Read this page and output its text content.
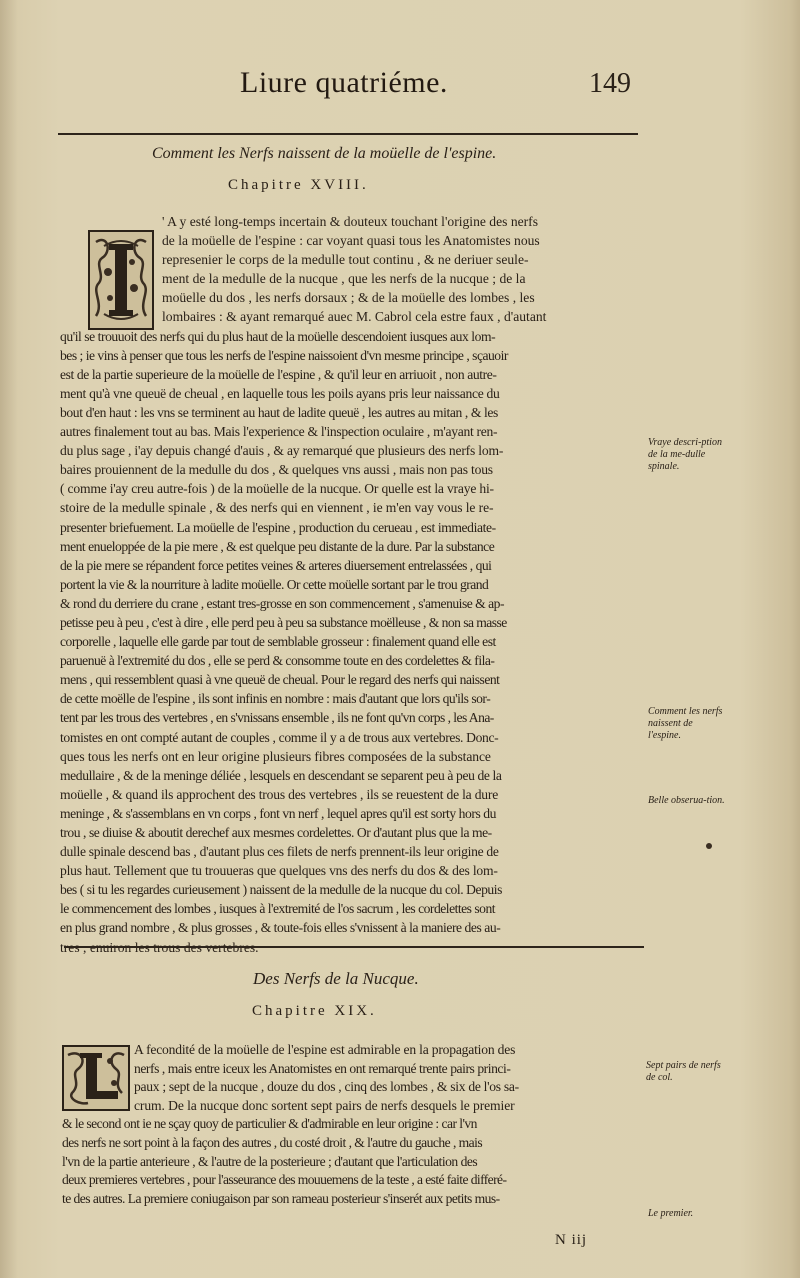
Liure quatriéme.	149
Comment les Nerfs naissent de la moüelle de l'espine.
Chapitre XVIII.
' A y esté long-temps incertain & douteux touchant l'origine des nerfs
de la moüelle de l'espine : car voyant quasi tous les Anatomistes nous
represenier le corps de la medulle tout continu , & ne deriuer seule-
ment de la medulle de la nucque , que les nerfs de la nucque ; de la
moüelle du dos , les nerfs dorsaux ; & de la moüelle des lombes , les
lombaires : & ayant remarqué auec M. Cabrol cela estre faux , d'autant
qu'il se trouuoit des nerfs qui du plus haut de la moüelle descendoient iusques aux lom-
bes ; ie vins à penser que tous les nerfs de l'espine naissoient d'vn mesme principe , sçauoir
est de la partie superieure de la moüelle de l'espine , & qu'il leur en arriuoit , non autre-
ment qu'à vne queuë de cheual , en laquelle tous les poils ayans pris leur naissance du
bout d'en haut : les vns se terminent au haut de ladite queuë , les autres au mitan , & les
autres finalement tout au bas. Mais l'experience & l'inspection oculaire , m'ayant ren-
du plus sage , i'ay depuis changé d'auis , & ay remarqué que plusieurs des nerfs lom-
baires prouiennent de la medulle du dos , & quelques vns aussi , mais non pas tous
( comme i'ay creu autre-fois ) de la moüelle de la nucque. Or quelle est la vraye hi-
stoire de la medulle spinale , & des nerfs qui en viennent , ie m'en vay vous le re-
presenter briefuement. La moüelle de l'espine , production du cerueau , est immediate-
ment enueloppée de la pie mere , & est quelque peu distante de la dure. Par la substance
de la pie mere se répandent force petites veines & arteres diuersement entrelassées , qui
portent la vie & la nourriture à ladite moüelle. Or cette moüelle sortant par le trou grand
& rond du derriere du crane , estant tres-grosse en son commencement , s'amenuise & ap-
petisse peu à peu , c'est à dire , elle perd peu à peu sa substance moëlleuse , & non sa masse
corporelle , laquelle elle garde par tout de semblable grosseur : finalement quand elle est
paruenuë à l'extremité du dos , elle se perd & consomme toute en des cordelettes & fila-
mens , qui ressemblent quasi à vne queuë de cheual. Pour le regard des nerfs qui naissent
de cette moëlle de l'espine , ils sont infinis en nombre : mais d'autant que lors qu'ils sor-
tent par les trous des vertebres , en s'vnissans ensemble , ils ne font qu'vn corps , les Ana-
tomistes en ont compté autant de couples , comme il y a de trous aux vertebres. Donc-
ques tous les nerfs ont en leur origine plusieurs fibres composées de la substance
medullaire , & de la meninge déliée , lesquels en descendant se separent peu à peu de la
moüelle , & quand ils approchent des trous des vertebres , ils se reuestent de la dure
meninge , & s'assemblans en vn corps , font vn nerf , lequel apres qu'il est sorty hors du
trou , se diuise & aboutit derechef aux mesmes cordelettes. Or d'autant plus que la me-
dulle spinale descend bas , d'autant plus ces filets de nerfs prennent-ils leur origine de
plus haut. Tellement que tu trouueras que quelques vns des nerfs du dos & des lom-
bes ( si tu les regardes curieusement ) naissent de la medulle de la nucque du col. Depuis
le commencement des lombes , iusques à l'extremité de l'os sacrum , les cordelettes sont
en plus grand nombre , & plus grosses , & toute-fois elles s'vnissent à la maniere des au-
tres , enuiron les trous des vertebres.
Vraye descri-ption de la me-dulle spinale.
Comment les nerfs naissent de l'espine.
Belle obserua-tion.
Des Nerfs de la Nucque.
Chapitre XIX.
A fecondité de la moüelle de l'espine est admirable en la propagation des
nerfs , mais entre iceux les Anatomistes en ont remarqué trente pairs princi-
paux ; sept de la nucque , douze du dos , cinq des lombes , & six de l'os sa-
crum. De la nucque donc sortent sept pairs de nerfs desquels le premier
& le second ont ie ne sçay quoy de particulier & d'admirable en leur origine : car l'vn
des nerfs ne sort point à la façon des autres , du costé droit , & l'autre du gauche , mais
l'vn de la partie anterieure , & l'autre de la posterieure ; d'autant que l'articulation des
deux premieres vertebres , pour l'asseurance des mouuemens de la teste , a esté faite differé-
te des autres. La premiere coniugaison par son rameau posterieur s'inserét aux petits mus-
Sept pairs de nerfs de col.
Le premier.
N iij
